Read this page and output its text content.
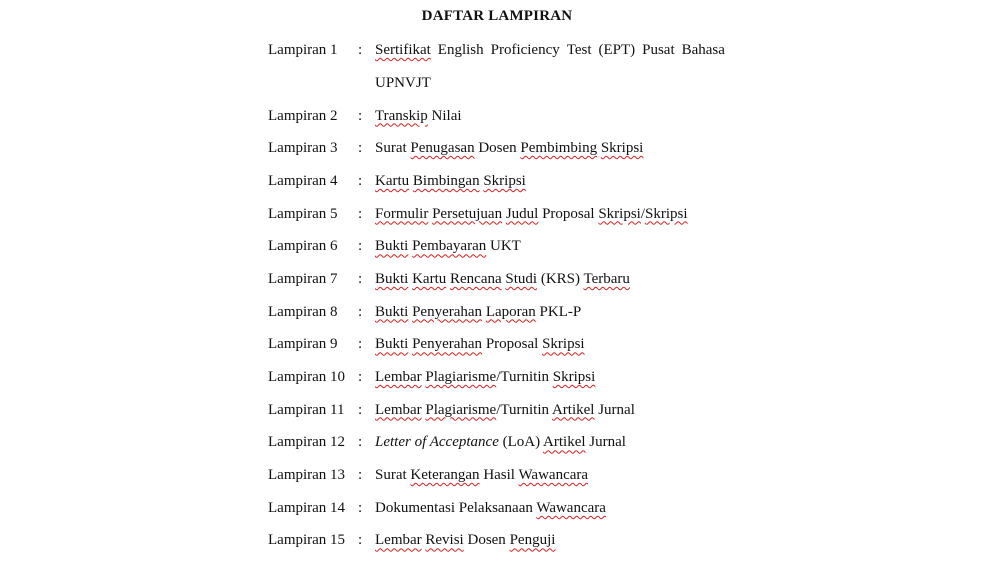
DAFTAR LAMPIRAN
Lampiran 1 : Sertifikat English Proficiency Test (EPT) Pusat Bahasa
UPNVJT
Lampiran 2 : Transkip Nilai
Lampiran 3 : Surat Penugasan Dosen Pembimbing Skripsi
Lampiran 4 : Kartu Bimbingan Skripsi
Lampiran 5 : Formulir Persetujuan Judul Proposal Skripsi/Skripsi
Lampiran 6 : Bukti Pembayaran UKT
Lampiran 7 : Bukti Kartu Rencana Studi (KRS) Terbaru
Lampiran 8 : Bukti Penyerahan Laporan PKL-P
Lampiran 9 : Bukti Penyerahan Proposal Skripsi
Lampiran 10 : Lembar Plagiarisme/Turnitin Skripsi
Lampiran 11 : Lembar Plagiarisme/Turnitin Artikel Jurnal
Lampiran 12 : Letter of Acceptance (LoA) Artikel Jurnal
Lampiran 13 : Surat Keterangan Hasil Wawancara
Lampiran 14 : Dokumentasi Pelaksanaan Wawancara
Lampiran 15 : Lembar Revisi Dosen Penguji
